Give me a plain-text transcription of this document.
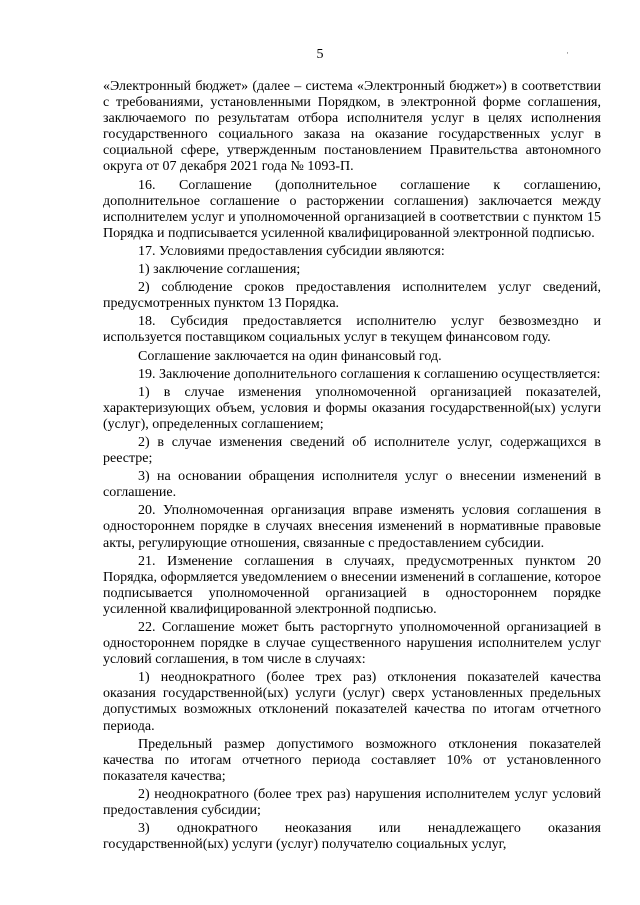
5	·

«Электронный бюджет» (далее – система «Электронный бюджет») в соответствии с требованиями, установленными Порядком, в электронной форме соглашения, заключаемого по результатам отбора исполнителя услуг в целях исполнения государственного социального заказа на оказание государственных услуг в социальной сфере, утвержденным постановлением Правительства автономного округа от 07 декабря 2021 года № 1093-П.

16. Соглашение (дополнительное соглашение к соглашению, дополнительное соглашение о расторжении соглашения) заключается между исполнителем услуг и уполномоченной организацией в соответствии с пунктом 15 Порядка и подписывается усиленной квалифицированной электронной подписью.

17. Условиями предоставления субсидии являются:

1) заключение соглашения;

2) соблюдение сроков предоставления исполнителем услуг сведений, предусмотренных пунктом 13 Порядка.

18. Субсидия предоставляется исполнителю услуг безвозмездно и используется поставщиком социальных услуг в текущем финансовом году.

Соглашение заключается на один финансовый год.

19. Заключение дополнительного соглашения к соглашению осуществляется:

1) в случае изменения уполномоченной организацией показателей, характеризующих объем, условия и формы оказания государственной(ых) услуги (услуг), определенных соглашением;

2) в случае изменения сведений об исполнителе услуг, содержащихся в реестре;

3) на основании обращения исполнителя услуг о внесении изменений в соглашение.

20. Уполномоченная организация вправе изменять условия соглашения в одностороннем порядке в случаях внесения изменений в нормативные правовые акты, регулирующие отношения, связанные с предоставлением субсидии.

21. Изменение соглашения в случаях, предусмотренных пунктом 20 Порядка, оформляется уведомлением о внесении изменений в соглашение, которое подписывается уполномоченной организацией в одностороннем порядке усиленной квалифицированной электронной подписью.

22. Соглашение может быть расторгнуто уполномоченной организацией в одностороннем порядке в случае существенного нарушения исполнителем услуг условий соглашения, в том числе в случаях:

1) неоднократного (более трех раз) отклонения показателей качества оказания государственной(ых) услуги (услуг) сверх установленных предельных допустимых возможных отклонений показателей качества по итогам отчетного периода.

Предельный размер допустимого возможного отклонения показателей качества по итогам отчетного периода составляет 10% от установленного показателя качества;

2) неоднократного (более трех раз) нарушения исполнителем услуг условий предоставления субсидии;

3) однократного неоказания или ненадлежащего оказания государственной(ых) услуги (услуг) получателю социальных услуг,
